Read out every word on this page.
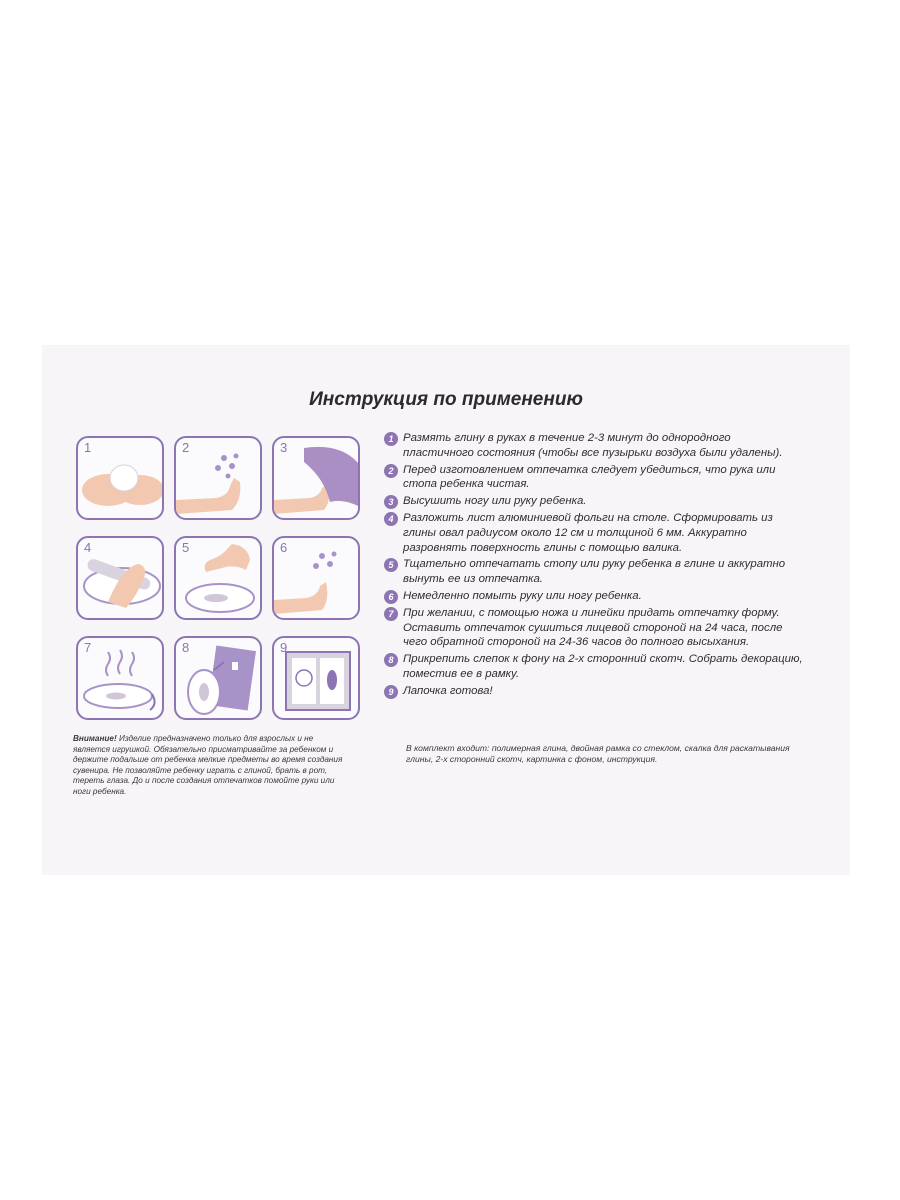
Инструкция по применению
1	2	3
4	5	6
7	8	9
Внимание! Изделие предназначено только для взрослых и не является игрушкой. Обязательно присматривайте за ребенком и держите подальше от ребенка мелкие предметы во время создания сувенира. Не позволяйте ребенку играть с глиной, брать в рот, тереть глаза. До и после создания отпечатков помойте руки или ноги ребенка.
1 Размять глину в руках в течение 2-3 минут до однородного пластичного состояния (чтобы все пузырьки воздуха были удалены).
2 Перед изготовлением отпечатка следует убедиться, что рука или стопа ребенка чистая.
3 Высушить ногу или руку ребенка.
4 Разложить лист алюминиевой фольги на столе. Сформировать из глины овал радиусом около 12 см и толщиной 6 мм. Аккуратно разровнять поверхность глины с помощью валика.
5 Тщательно отпечатать стопу или руку ребенка в глине и аккуратно вынуть ее из отпечатка.
6 Немедленно помыть руку или ногу ребенка.
7 При желании, с помощью ножа и линейки придать отпечатку форму. Оставить отпечаток сушиться лицевой стороной на 24 часа, после чего обратной стороной на 24-36 часов до полного высыхания.
8 Прикрепить слепок к фону на 2-х сторонний скотч. Собрать декорацию, поместив ее в рамку.
9 Лапочка готова!
В комплект входит: полимерная глина, двойная рамка со стеклом, скалка для раскатывания глины, 2-х сторонний скотч, картинка с фоном, инструкция.
